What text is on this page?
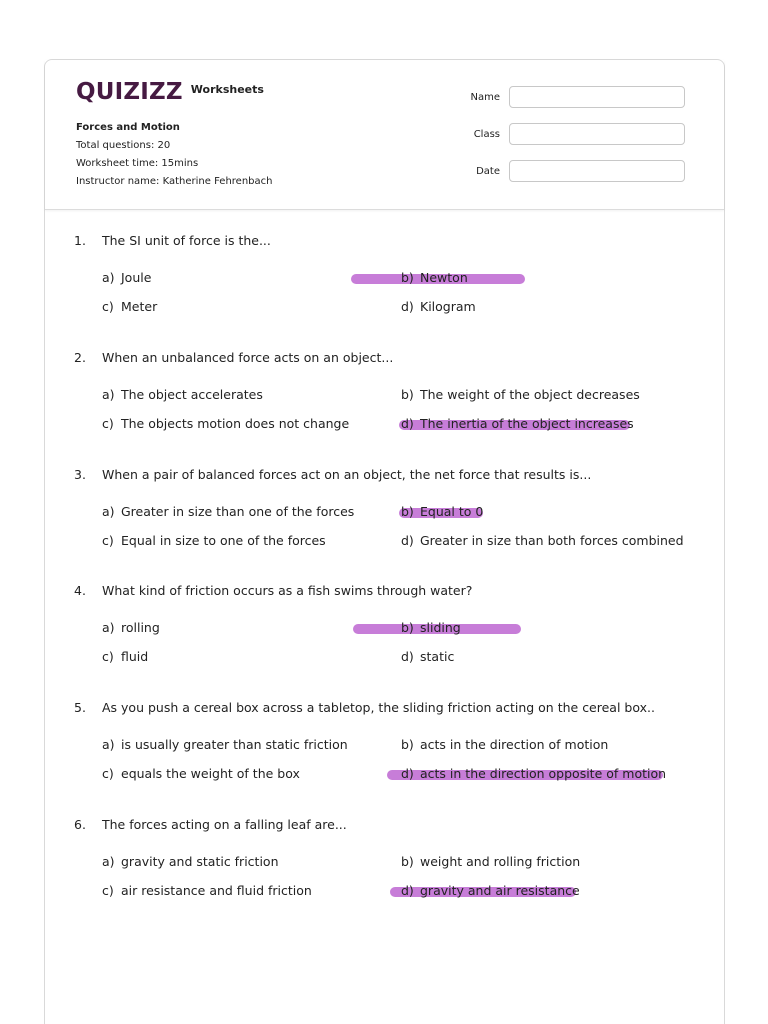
QUIZIZZ Worksheets
Forces and Motion
Total questions: 20
Worksheet time: 15mins
Instructor name: Katherine Fehrenbach
Name
Class
Date
1.	The SI unit of force is the...
a) Joule	b) Newton
c) Meter	d) Kilogram
2.	When an unbalanced force acts on an object...
a) The object accelerates	b) The weight of the object decreases
c) The objects motion does not change	d) The inertia of the object increases
3.	When a pair of balanced forces act on an object, the net force that results is...
a) Greater in size than one of the forces	b) Equal to 0
c) Equal in size to one of the forces	d) Greater in size than both forces combined
4.	What kind of friction occurs as a fish swims through water?
a) rolling	b) sliding
c) fluid	d) static
5.	As you push a cereal box across a tabletop, the sliding friction acting on the cereal box..
a) is usually greater than static friction	b) acts in the direction of motion
c) equals the weight of the box	d) acts in the direction opposite of motion
6.	The forces acting on a falling leaf are...
a) gravity and static friction	b) weight and rolling friction
c) air resistance and fluid friction	d) gravity and air resistance
